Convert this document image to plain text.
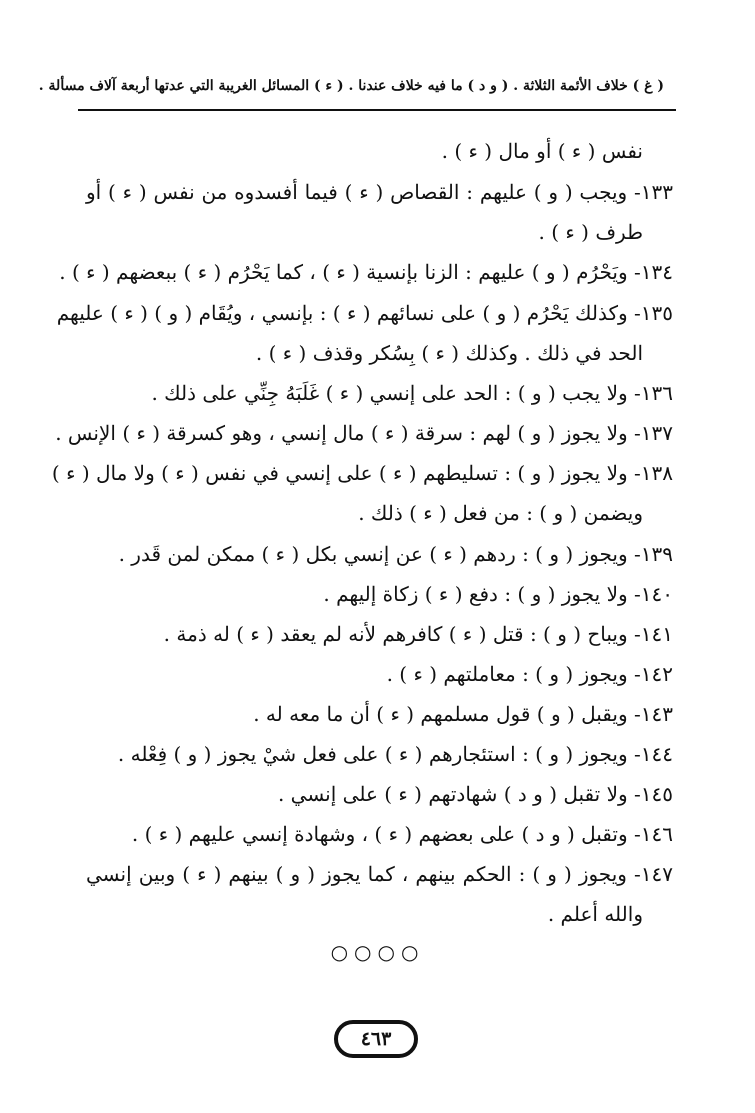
( غ ) خلاف الأئمة الثلاثة . ( و د ) ما فيه خلاف عندنا . ( ء ) المسائل الغريبة التي عدتها أربعة آلاف مسألة .
نفس ( ء ) أو مال ( ء ) .
١٣٣- ويجب ( و ) عليهم : القصاص ( ء ) فيما أفسدوه من نفس ( ء ) أو
طرف ( ء ) .
١٣٤- ويَحْرُم ( و ) عليهم : الزنا بإنسية ( ء ) ، كما يَحْرُم ( ء ) ببعضهم ( ء ) .
١٣٥- وكذلك يَحْرُم ( و ) على نسائهم ( ء ) : بإنسي ، ويُقَام ( و ) ( ء ) عليهم
الحد في ذلك . وكذلك ( ء ) بِسُكر وقذف ( ء ) .
١٣٦- ولا يجب ( و ) : الحد على إنسي ( ء ) غَلَبَهُ جِنِّي على ذلك .
١٣٧- ولا يجوز ( و ) لهم : سرقة ( ء ) مال إنسي ، وهو كسرقة ( ء ) الإنس .
١٣٨- ولا يجوز ( و ) : تسليطهم ( ء ) على إنسي في نفس ( ء ) ولا مال ( ء )
ويضمن ( و ) : من فعل ( ء ) ذلك .
١٣٩- ويجوز ( و ) : ردهم ( ء ) عن إنسي بكل ( ء ) ممكن لمن قَدر .
١٤٠- ولا يجوز ( و ) : دفع ( ء ) زكاة إليهم .
١٤١- ويباح ( و ) : قتل ( ء ) كافرهم لأنه لم يعقد ( ء ) له ذمة .
١٤٢- ويجوز ( و ) : معاملتهم ( ء ) .
١٤٣- ويقبل ( و ) قول مسلمهم ( ء ) أن ما معه له .
١٤٤- ويجوز ( و ) : استئجارهم ( ء ) على فعل شيْ يجوز ( و ) فِعْله .
١٤٥- ولا تقبل ( و د ) شهادتهم ( ء ) على إنسي .
١٤٦- وتقبل ( و د ) على بعضهم ( ء ) ، وشهادة إنسي عليهم ( ء ) .
١٤٧- ويجوز ( و ) : الحكم بينهم ، كما يجوز ( و ) بينهم ( ء ) وبين إنسي
والله أعلم .
○○○○
٤٦٣
